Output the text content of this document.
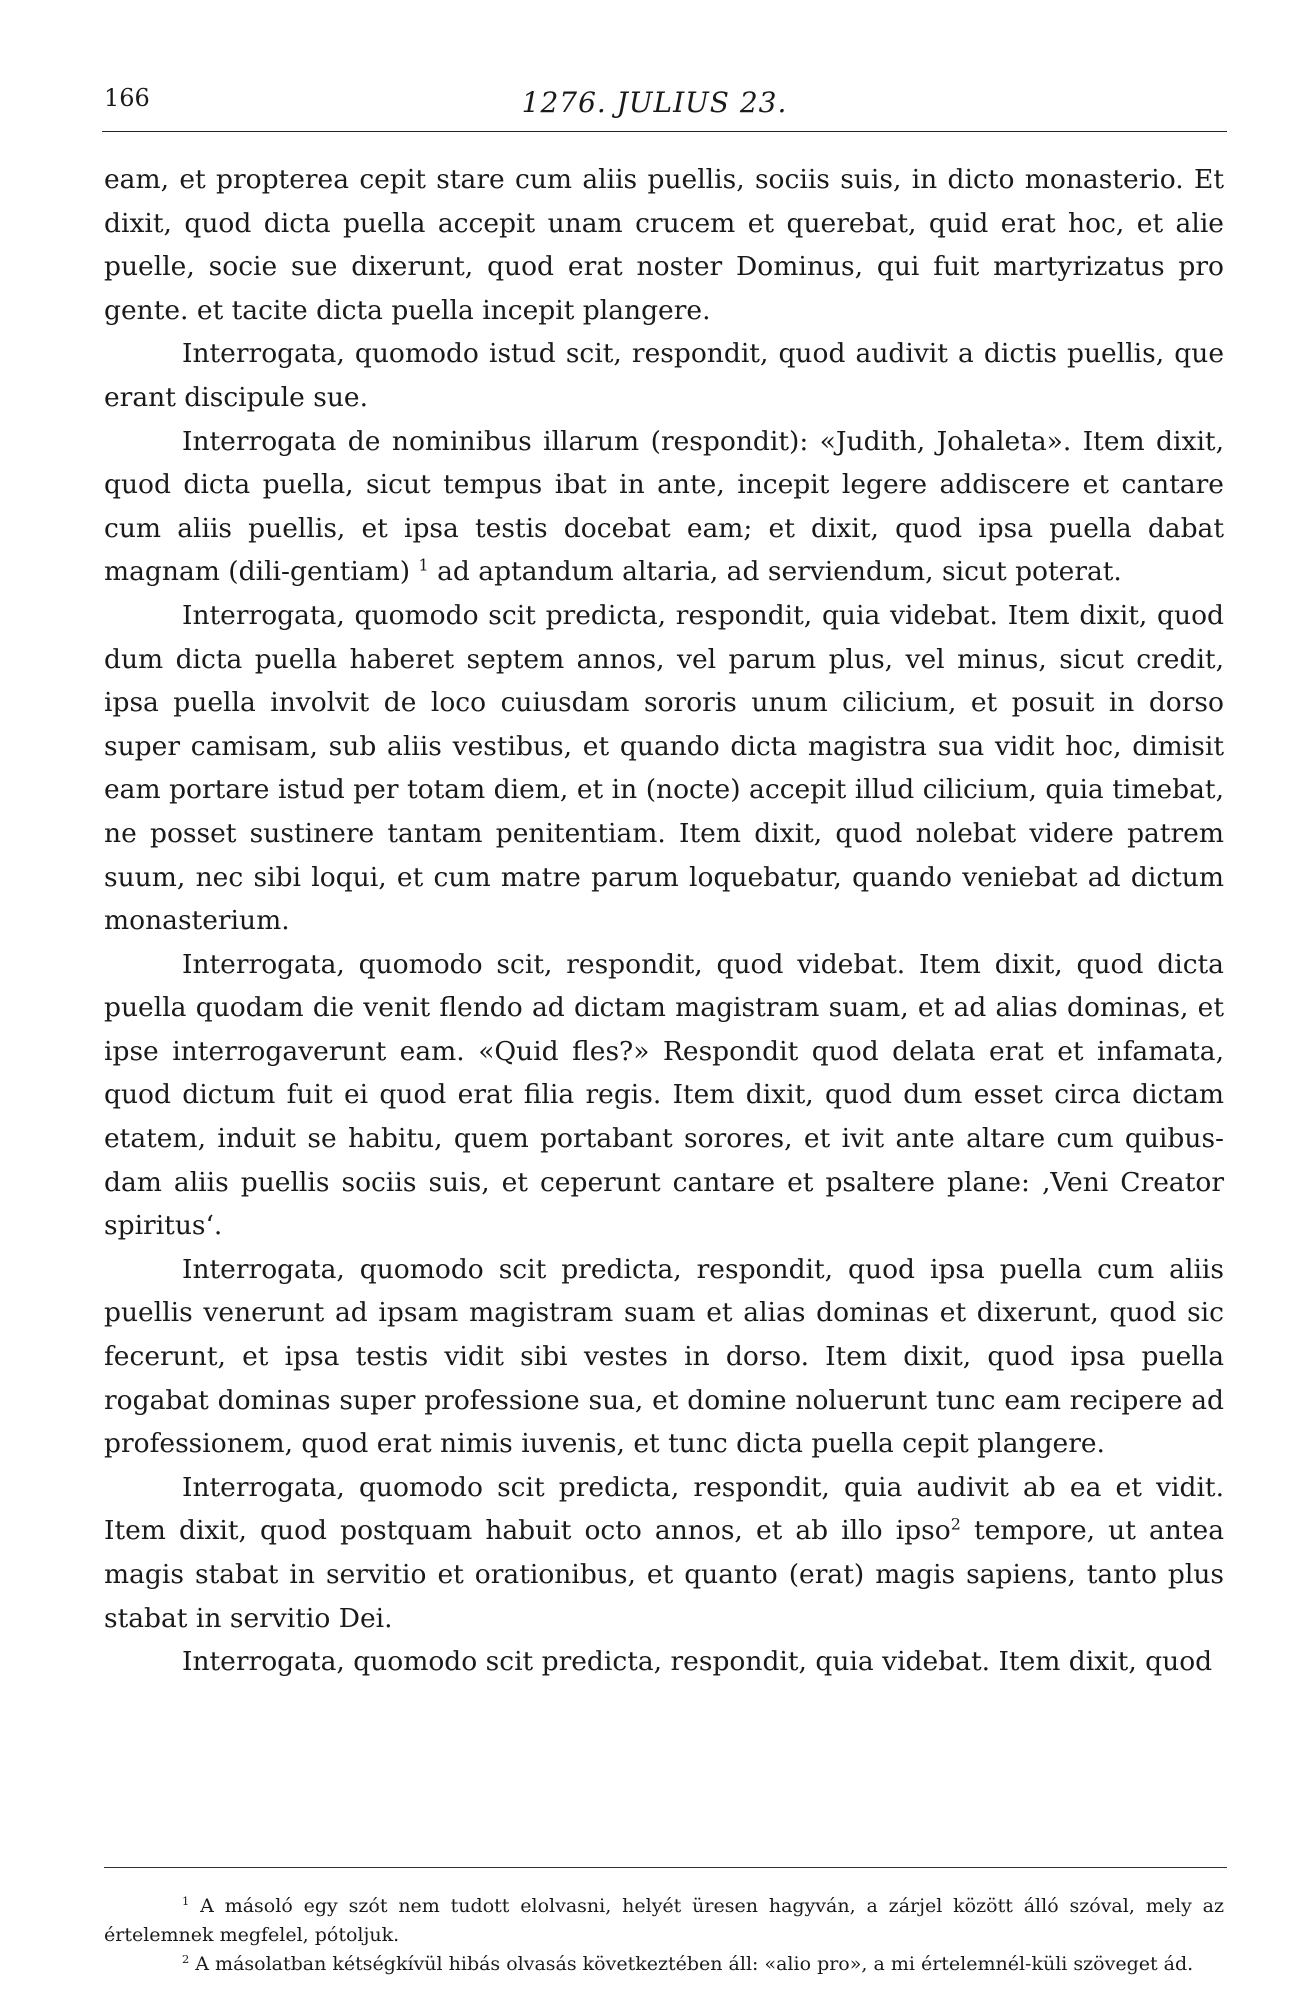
166	1276. JULIUS 23.

eam, et propterea cepit stare cum aliis puellis, sociis suis, in dicto monasterio. Et dixit, quod dicta puella accepit unam crucem et querebat, quid erat hoc, et alie puelle, socie sue dixerunt, quod erat noster Dominus, qui fuit martyrizatus pro gente. et tacite dicta puella incepit plangere.

Interrogata, quomodo istud scit, respondit, quod audivit a dictis puellis, que erant discipule sue.

Interrogata de nominibus illarum (respondit): «Judith, Johaleta». Item dixit, quod dicta puella, sicut tempus ibat in ante, incepit legere addiscere et cantare cum aliis puellis, et ipsa testis docebat eam; et dixit, quod ipsa puella dabat magnam (dili-gentiam) $^1$ ad aptandum altaria, ad serviendum, sicut poterat.

Interrogata, quomodo scit predicta, respondit, quia videbat. Item dixit, quod dum dicta puella haberet septem annos, vel parum plus, vel minus, sicut credit, ipsa puella involvit de loco cuiusdam sororis unum cilicium, et posuit in dorso super camisam, sub aliis vestibus, et quando dicta magistra sua vidit hoc, dimisit eam portare istud per totam diem, et in (nocte) accepit illud cilicium, quia timebat, ne posset sustinere tantam penitentiam. Item dixit, quod nolebat videre patrem suum, nec sibi loqui, et cum matre parum loquebatur, quando veniebat ad dictum monasterium.

Interrogata, quomodo scit, respondit, quod videbat. Item dixit, quod dicta puella quodam die venit flendo ad dictam magistram suam, et ad alias dominas, et ipse interrogaverunt eam. «Quid fles?» Respondit quod delata erat et infamata, quod dictum fuit ei quod erat filia regis. Item dixit, quod dum esset circa dictam etatem, induit se habitu, quem portabant sorores, et ivit ante altare cum quibus-dam aliis puellis sociis suis, et ceperunt cantare et psaltere plane: ‚Veni Creator spiritus‘.

Interrogata, quomodo scit predicta, respondit, quod ipsa puella cum aliis puellis venerunt ad ipsam magistram suam et alias dominas et dixerunt, quod sic fecerunt, et ipsa testis vidit sibi vestes in dorso. Item dixit, quod ipsa puella rogabat dominas super professione sua, et domine noluerunt tunc eam recipere ad professionem, quod erat nimis iuvenis, et tunc dicta puella cepit plangere.

Interrogata, quomodo scit predicta, respondit, quia audivit ab ea et vidit. Item dixit, quod postquam habuit octo annos, et ab illo ipso$^2$ tempore, ut antea magis stabat in servitio et orationibus, et quanto (erat) magis sapiens, tanto plus stabat in servitio Dei.

Interrogata, quomodo scit predicta, respondit, quia videbat. Item dixit, quod

$^1$ A másoló egy szót nem tudott elolvasni, helyét üresen hagyván, a zárjel között álló szóval, mely az értelemnek megfelel, pótoljuk.

$^2$ A másolatban kétségkívül hibás olvasás következtében áll: «alio pro», a mi értelemnél-küli szöveget ád.
